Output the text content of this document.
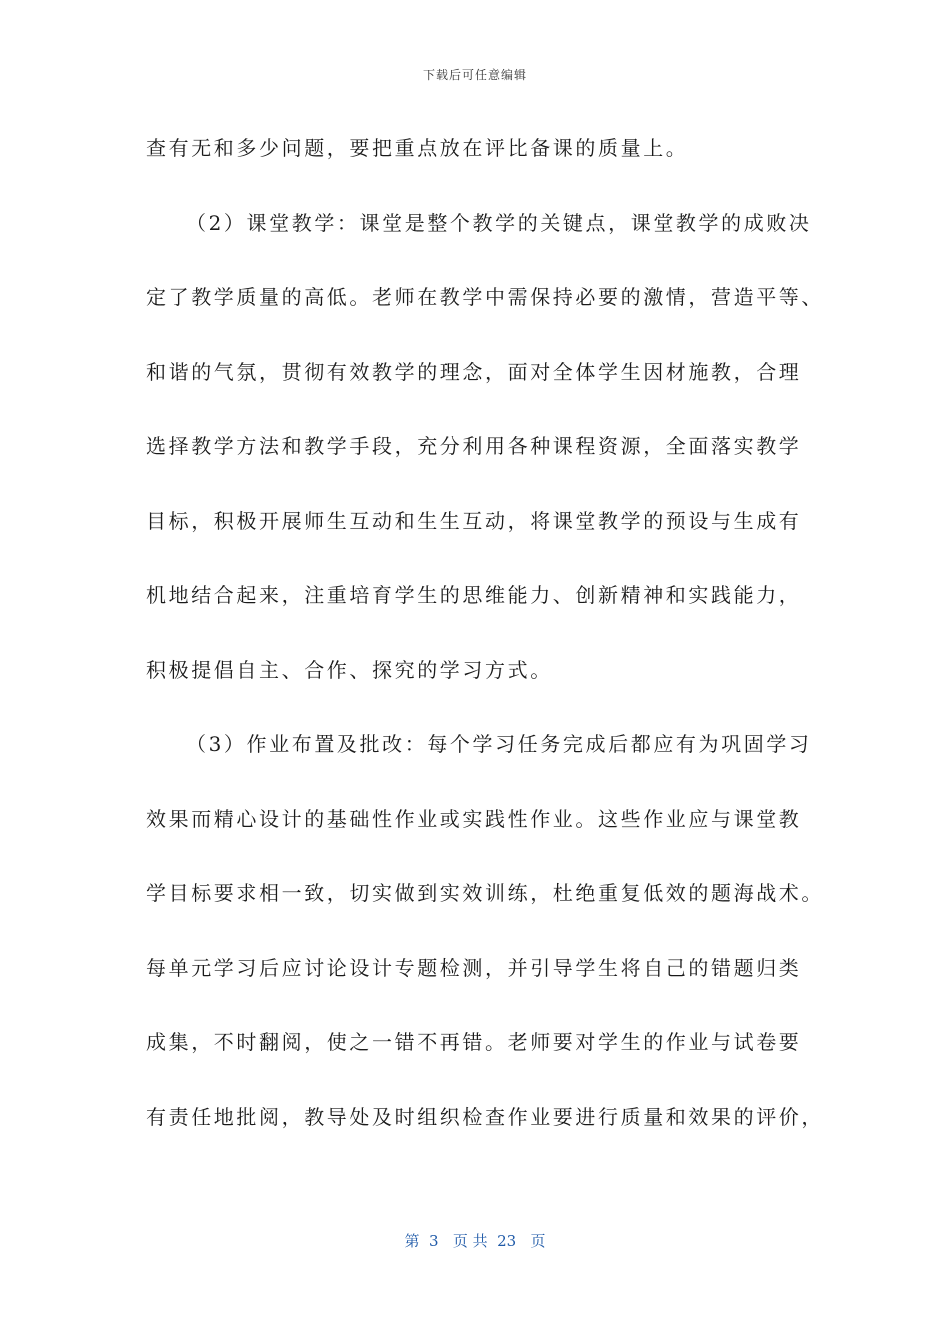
下载后可任意编辑
查有无和多少问题，要把重点放在评比备课的质量上。
（2）课堂教学：课堂是整个教学的关键点，课堂教学的成败决
定了教学质量的高低。老师在教学中需保持必要的激情，营造平等、
和谐的气氛，贯彻有效教学的理念，面对全体学生因材施教，合理
选择教学方法和教学手段，充分利用各种课程资源，全面落实教学
目标，积极开展师生互动和生生互动，将课堂教学的预设与生成有
机地结合起来，注重培育学生的思维能力、创新精神和实践能力，
积极提倡自主、合作、探究的学习方式。
（3）作业布置及批改：每个学习任务完成后都应有为巩固学习
效果而精心设计的基础性作业或实践性作业。这些作业应与课堂教
学目标要求相一致，切实做到实效训练，杜绝重复低效的题海战术。
每单元学习后应讨论设计专题检测，并引导学生将自己的错题归类
成集，不时翻阅，使之一错不再错。老师要对学生的作业与试卷要
有责任地批阅，教导处及时组织检查作业要进行质量和效果的评价，
第  3   页 共  23   页
